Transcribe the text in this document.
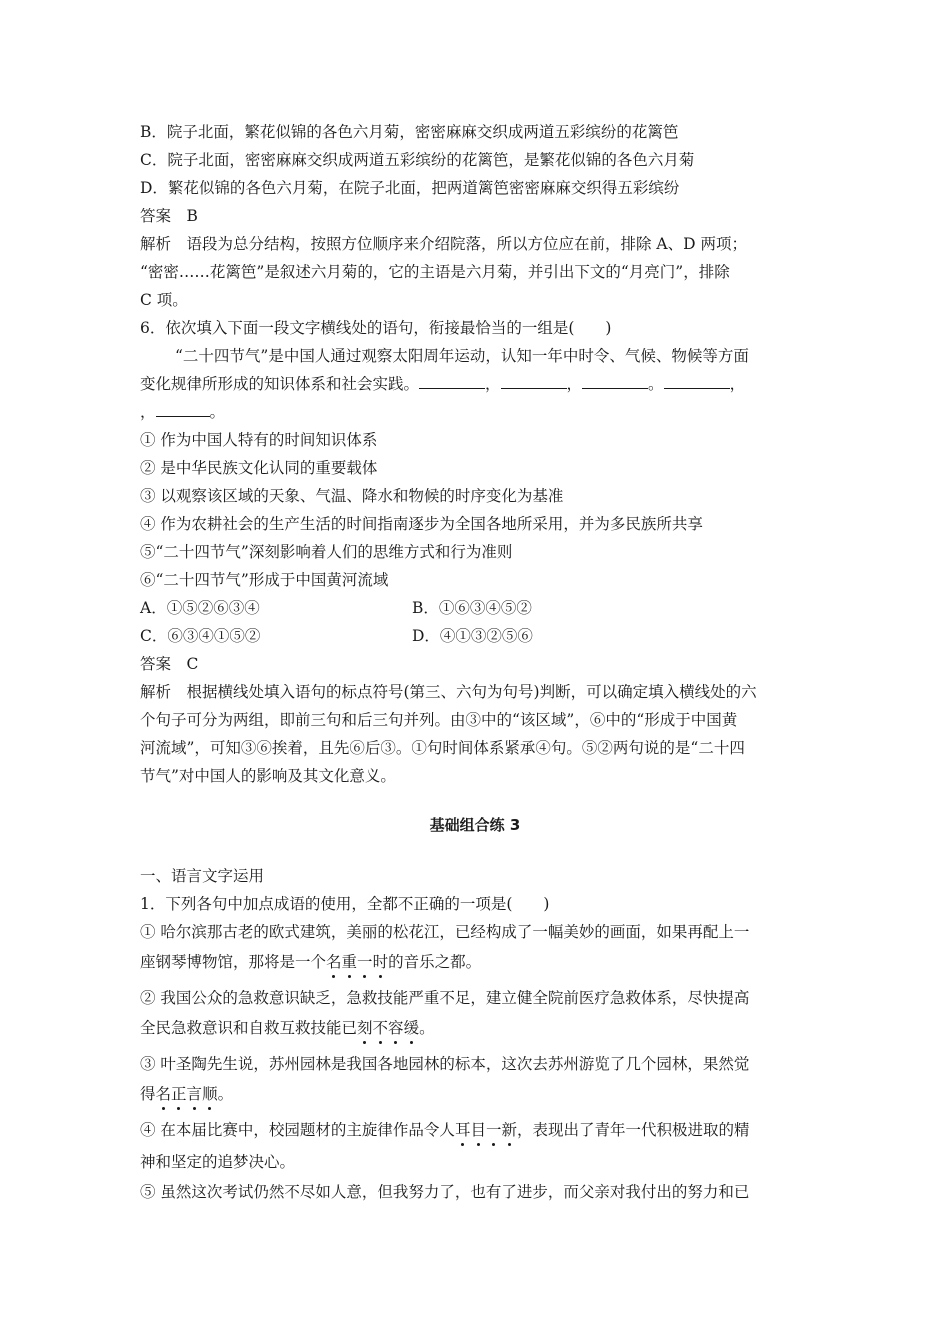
B．院子北面，繁花似锦的各色六月菊，密密麻麻交织成两道五彩缤纷的花篱笆
C．院子北面，密密麻麻交织成两道五彩缤纷的花篱笆，是繁花似锦的各色六月菊
D．繁花似锦的各色六月菊，在院子北面，把两道篱笆密密麻麻交织得五彩缤纷
答案　B
解析　语段为总分结构，按照方位顺序来介绍院落，所以方位应在前，排除 A、D 两项；
“密密……花篱笆”是叙述六月菊的，它的主语是六月菊，并引出下文的“月亮门”，排除
C 项。
6．依次填入下面一段文字横线处的语句，衔接最恰当的一组是(　　)
“二十四节气”是中国人通过观察太阳周年运动，认知一年中时令、气候、物候等方面
变化规律所形成的知识体系和社会实践。	，	，	。	，
，	。
① 作为中国人特有的时间知识体系
② 是中华民族文化认同的重要载体
③ 以观察该区域的天象、气温、降水和物候的时序变化为基准
④ 作为农耕社会的生产生活的时间指南逐步为全国各地所采用，并为多民族所共享
⑤“二十四节气”深刻影响着人们的思维方式和行为准则
⑥“二十四节气”形成于中国黄河流域
A．①⑤②⑥③④	B．①⑥③④⑤②
C．⑥③④①⑤②	D．④①③②⑤⑥
答案　C
解析　根据横线处填入语句的标点符号(第三、六句为句号)判断，可以确定填入横线处的六
个句子可分为两组，即前三句和后三句并列。由③中的“该区域”，⑥中的“形成于中国黄
河流域”，可知③⑥挨着，且先⑥后③。①句时间体系紧承④句。⑤②两句说的是“二十四
节气”对中国人的影响及其文化意义。
基础组合练 3
一、语言文字运用
1．下列各句中加点成语的使用，全都不正确的一项是(　　)
① 哈尔滨那古老的欧式建筑，美丽的松花江，已经构成了一幅美妙的画面，如果再配上一
座钢琴博物馆，那将是一个名重一时的音乐之都。
② 我国公众的急救意识缺乏，急救技能严重不足，建立健全院前医疗急救体系，尽快提高
全民急救意识和自救互救技能已刻不容缓。
③ 叶圣陶先生说，苏州园林是我国各地园林的标本，这次去苏州游览了几个园林，果然觉
得名正言顺。
④ 在本届比赛中，校园题材的主旋律作品令人耳目一新，表现出了青年一代积极进取的精
神和坚定的追梦决心。
⑤ 虽然这次考试仍然不尽如人意，但我努力了，也有了进步，而父亲对我付出的努力和已
